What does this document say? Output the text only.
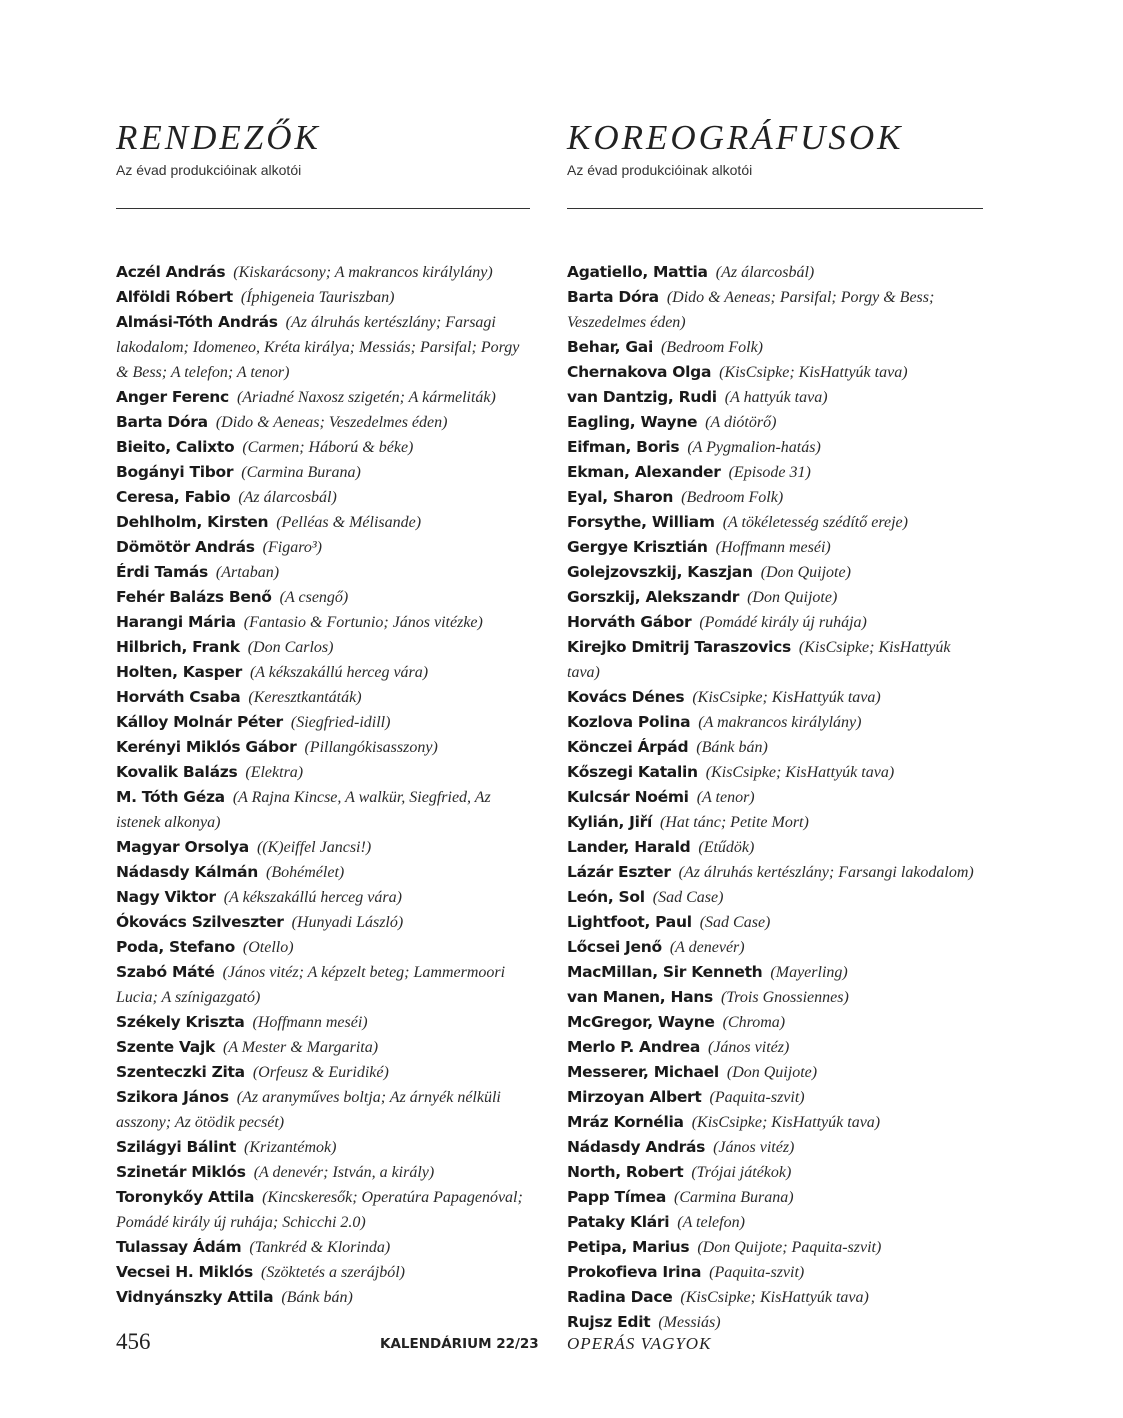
RENDEZŐK
Az évad produkcióinak alkotói

Aczél András  (Kiskarácsony; A makrancos királylány)

Alföldi Róbert  (Íphigeneia Tauriszban)

Almási-Tóth András  (Az álruhás kertészlány; Farsagi lakodalom; Idomeneo, Kréta királya; Messiás; Parsifal; Porgy & Bess; A telefon; A tenor)

Anger Ferenc  (Ariadné Naxosz szigetén; A kármeliták)

Barta Dóra  (Dido & Aeneas; Veszedelmes éden)

Bieito, Calixto  (Carmen; Háború & béke)

Bogányi Tibor  (Carmina Burana)

Ceresa, Fabio  (Az álarcosbál)

Dehlholm, Kirsten  (Pelléas & Mélisande)

Dömötör András  (Figaro³)

Érdi Tamás  (Artaban)

Fehér Balázs Benő  (A csengő)

Harangi Mária  (Fantasio & Fortunio; János vitézke)

Hilbrich, Frank  (Don Carlos)

Holten, Kasper  (A kékszakállú herceg vára)

Horváth Csaba  (Keresztkantáták)

Kálloy Molnár Péter  (Siegfried-idill)

Kerényi Miklós Gábor  (Pillangókisasszony)

Kovalik Balázs  (Elektra)

M. Tóth Géza  (A Rajna Kincse, A walkür, Siegfried, Az istenek alkonya)

Magyar Orsolya  ((K)eiffel Jancsi!)

Nádasdy Kálmán  (Bohémélet)

Nagy Viktor  (A kékszakállú herceg vára)

Ókovács Szilveszter  (Hunyadi László)

Poda, Stefano  (Otello)

Szabó Máté  (János vitéz; A képzelt beteg; Lammermoori Lucia; A színigazgató)

Székely Kriszta  (Hoffmann meséi)

Szente Vajk  (A Mester & Margarita)

Szenteczki Zita  (Orfeusz & Euridiké)

Szikora János  (Az aranyműves boltja; Az árnyék nélküli asszony; Az ötödik pecsét)

Szilágyi Bálint  (Krizantémok)

Szinetár Miklós  (A denevér; István, a király)

Toronykőy Attila  (Kincskeresők; Operatúra Papagenóval; Pomádé király új ruhája; Schicchi 2.0)

Tulassay Ádám  (Tankréd & Klorinda)

Vecsei H. Miklós  (Szöktetés a szerájból)

Vidnyánszky Attila  (Bánk bán)

KOREOGRÁFUSOK
Az évad produkcióinak alkotói

Agatiello, Mattia  (Az álarcosbál)

Barta Dóra  (Dido & Aeneas; Parsifal; Porgy & Bess; Veszedelmes éden)

Behar, Gai  (Bedroom Folk)

Chernakova Olga  (KisCsipke; KisHattyúk tava)

van Dantzig, Rudi  (A hattyúk tava)

Eagling, Wayne  (A diótörő)

Eifman, Boris  (A Pygmalion-hatás)

Ekman, Alexander  (Episode 31)

Eyal, Sharon  (Bedroom Folk)

Forsythe, William  (A tökéletesség szédítő ereje)

Gergye Krisztián  (Hoffmann meséi)

Golejzovszkij, Kaszjan  (Don Quijote)

Gorszkij, Alekszandr  (Don Quijote)

Horváth Gábor  (Pomádé király új ruhája)

Kirejko Dmitrij Taraszovics  (KisCsipke; KisHattyúk tava)

Kovács Dénes  (KisCsipke; KisHattyúk tava)

Kozlova Polina  (A makrancos királylány)

Könczei Árpád  (Bánk bán)

Kőszegi Katalin  (KisCsipke; KisHattyúk tava)

Kulcsár Noémi  (A tenor)

Kylián, Jiří  (Hat tánc; Petite Mort)

Lander, Harald  (Etűdök)

Lázár Eszter  (Az álruhás kertészlány; Farsangi lakodalom)

León, Sol  (Sad Case)

Lightfoot, Paul  (Sad Case)

Lőcsei Jenő  (A denevér)

MacMillan, Sir Kenneth  (Mayerling)

van Manen, Hans  (Trois Gnossiennes)

McGregor, Wayne  (Chroma)

Merlo P. Andrea  (János vitéz)

Messerer, Michael  (Don Quijote)

Mirzoyan Albert  (Paquita-szvit)

Mráz Kornélia  (KisCsipke; KisHattyúk tava)

Nádasdy András  (János vitéz)

North, Robert  (Trójai játékok)

Papp Tímea  (Carmina Burana)

Pataky Klári  (A telefon)

Petipa, Marius  (Don Quijote; Paquita-szvit)

Prokofieva Irina  (Paquita-szvit)

Radina Dace  (KisCsipke; KisHattyúk tava)

Rujsz Edit  (Messiás)

456	KALENDÁRIUM 22/23 OPERÁS VAGYOK
